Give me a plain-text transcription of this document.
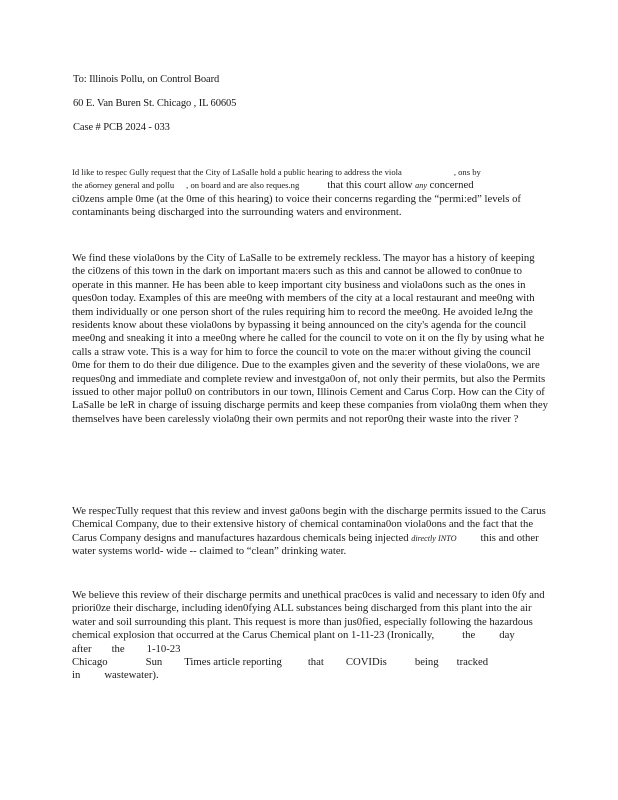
To: Illinois Pollu, on Control Board
60 E. Van Buren St. Chicago , IL 60605
Case # PCB 2024 - 033

Id like to respec Gully request that the City of LaSalle hold a public hearing to address the viola	, ons by
the a6orney general and pollu , on board and are also reques.ng	that this court allow any concerned
ci0zens ample 0me (at the 0me of this hearing) to voice their concerns regarding the “permi:ed” levels of contaminants being discharged into the surrounding waters and environment.

We find these viola0ons by the City of LaSalle to be extremely reckless. The mayor has a history of keeping the ci0zens of this town in the dark on important ma:ers such as this and cannot be allowed to con0nue to operate in this manner. He has been able to keep important city business and viola0ons such as the ones in ques0on today. Examples of this are mee0ng with members of the city at a local restaurant and mee0ng with them individually or one person short of the rules requiring him to record the mee0ng. He avoided leJng the residents know about these viola0ons by bypassing it being announced on the city's agenda for the council mee0ng and sneaking it into a mee0ng where he called for the council to vote on it on the fly by using what he calls a straw vote. This is a way for him to force the council to vote on the ma:er without giving the council 0me for them to do their due diligence. Due to the examples given and the severity of these viola0ons, we are reques0ng and immediate and complete review and investga0on of, not only their permits, but also the Permits issued to other major pollu0 on contributors in our town, Illinois Cement and Carus Corp. How can the City of LaSalle be leR in charge of issuing discharge permits and keep these companies from viola0ng them when they themselves have been carelessly viola0ng their own permits and not repor0ng their waste into the river ?

We respecTully request that this review and invest ga0ons begin with the discharge permits issued to the Carus Chemical Company, due to their extensive history of chemical contamina0on viola0ons and the fact that the Carus Company designs and manufactures hazardous chemicals being injected directly INTO this and other water systems world- wide -- claimed to “clean” drinking water.

We believe this review of their discharge permits and unethical prac0ces is valid and necessary to iden 0fy and priori0ze their discharge, including iden0fying ALL substances being discharged from this plant into the air water and soil surrounding this plant. This request is more than jus0fied, especially following the hazardous chemical explosion that occurred at the Carus Chemical plant on 1-11-23 (Ironically,	the dayafter the 1-10-23
Chicago	Sun Times article reporting that COVIDis	being tracked
in wastewater).
